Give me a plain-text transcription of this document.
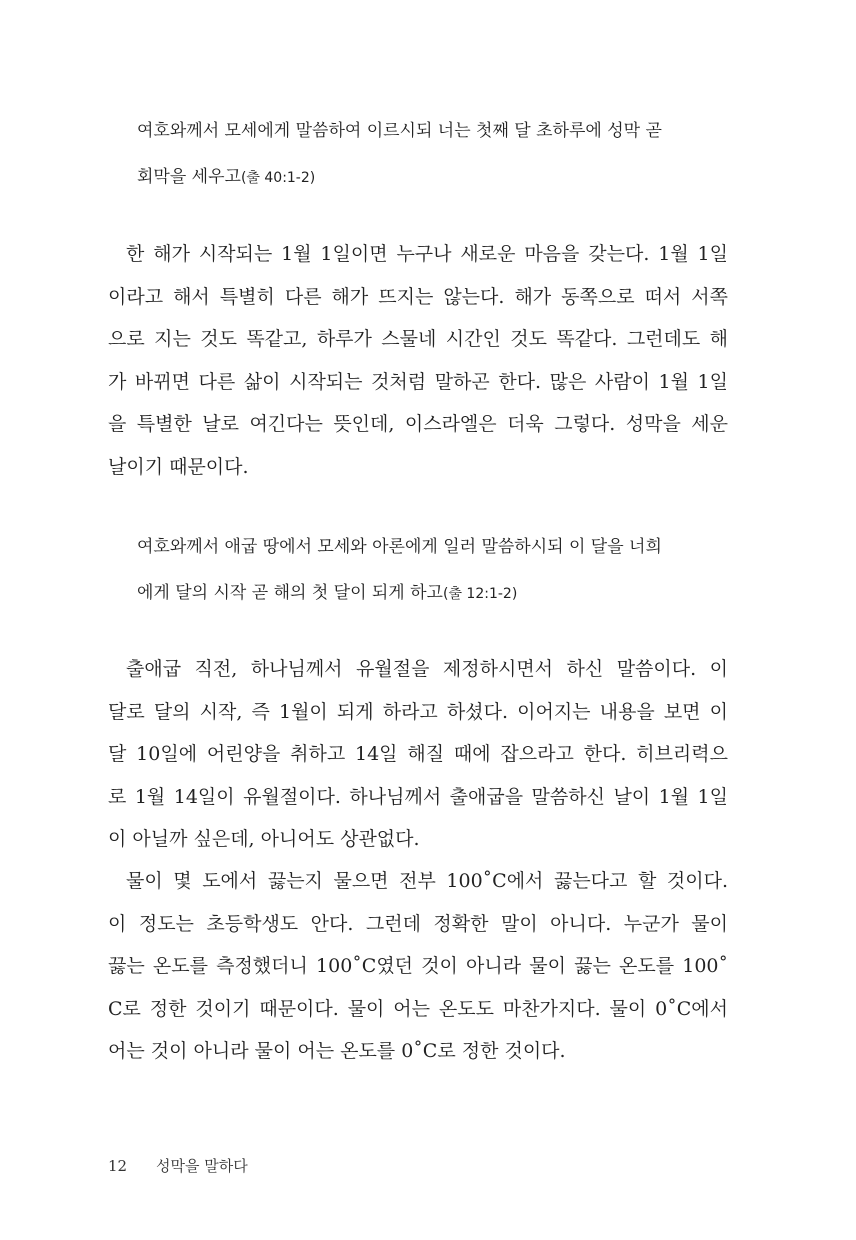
여호와께서 모세에게 말씀하여 이르시되 너는 첫째 달 초하루에 성막 곧
회막을 세우고(출 40:1-2)
한 해가 시작되는 1월 1일이면 누구나 새로운 마음을 갖는다. 1월 1일
이라고 해서 특별히 다른 해가 뜨지는 않는다. 해가 동쪽으로 떠서 서쪽
으로 지는 것도 똑같고, 하루가 스물네 시간인 것도 똑같다. 그런데도 해
가 바뀌면 다른 삶이 시작되는 것처럼 말하곤 한다. 많은 사람이 1월 1일
을 특별한 날로 여긴다는 뜻인데, 이스라엘은 더욱 그렇다. 성막을 세운
날이기 때문이다.
여호와께서 애굽 땅에서 모세와 아론에게 일러 말씀하시되 이 달을 너희
에게 달의 시작 곧 해의 첫 달이 되게 하고(출 12:1-2)
출애굽 직전, 하나님께서 유월절을 제정하시면서 하신 말씀이다. 이
달로 달의 시작, 즉 1월이 되게 하라고 하셨다. 이어지는 내용을 보면 이
달 10일에 어린양을 취하고 14일 해질 때에 잡으라고 한다. 히브리력으
로 1월 14일이 유월절이다. 하나님께서 출애굽을 말씀하신 날이 1월 1일
이 아닐까 싶은데, 아니어도 상관없다.
물이 몇 도에서 끓는지 물으면 전부 100˚C에서 끓는다고 할 것이다.
이 정도는 초등학생도 안다. 그런데 정확한 말이 아니다. 누군가 물이
끓는 온도를 측정했더니 100˚C였던 것이 아니라 물이 끓는 온도를 100˚
C로 정한 것이기 때문이다. 물이 어는 온도도 마찬가지다. 물이 0˚C에서
어는 것이 아니라 물이 어는 온도를 0˚C로 정한 것이다.
12 성막을 말하다
